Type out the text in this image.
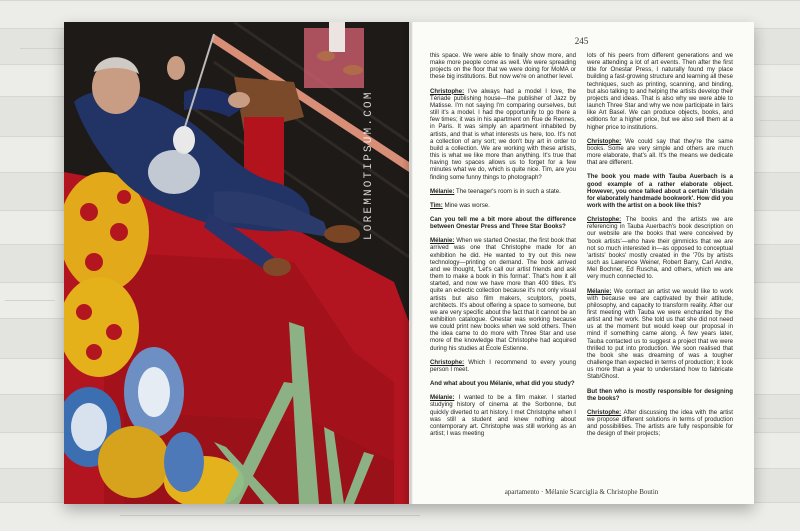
245

this space. We were able to finally show more, and make more people come as well. We were spreading projects on the floor that we were doing for MoMA or these big institutions. But now we're on another level.

Christophe: I've always had a model I love, the Tériade publishing house—the publisher of Jazz by Matisse. I'm not saying I'm comparing ourselves, but still it's a model. I had the opportunity to go there a few times; it was in his apartment on Rue de Rennes, in Paris. It was simply an apartment inhabited by artists, and that is what interests us here, too. It's not a collection of any sort; we don't buy art in order to build a collection. We are working with these artists, this is what we like more than anything. It's true that having two spaces allows us to forget for a few minutes what we do, which is quite nice. Tim, are you finding some funny things to photograph?

Mélanie: The teenager's room is in such a state.

Tim: Mine was worse.

Can you tell me a bit more about the difference between Onestar Press and Three Star Books?

Mélanie: When we started Onestar, the first book that arrived was one that Christophe made for an exhibition he did. He wanted to try out this new technology—printing on demand. The book arrived and we thought, 'Let's call our artist friends and ask them to make a book in this format'. That's how it all started, and now we have more than 400 titles. It's quite an eclectic collection because it's not only visual artists but also film makers, sculptors, poets, architects. It's about offering a space to someone, but we are very specific about the fact that it cannot be an exhibition catalogue. Onestar was working because we could print new books when we sold others. Then the idea came to do more with Three Star and use more of the knowledge that Christophe had acquired during his studies at École Estienne.

Christophe: Which I recommend to every young person I meet.

And what about you Mélanie, what did you study?

Mélanie: I wanted to be a film maker. I started studying history of cinema at the Sorbonne, but quickly diverted to art history. I met Christophe when I was still a student and knew nothing about contemporary art. Christophe was still working as an artist; I was meeting

lots of his peers from different generations and we were attending a lot of art events. Then after the first title for Onestar Press, I naturally found my place building a fast-growing structure and learning all these techniques, such as printing, scanning, and binding, but also talking to and helping the artists develop their projects and ideas. That is also why we were able to launch Three Star and why we now participate in fairs like Art Basel. We can produce objects, books, and editions for a higher price, but we also sell them at a higher price to institutions.

Christophe: We could say that they're the same books. Some are very simple and others are much more elaborate, that's all. It's the means we dedicate that are different.

The book you made with Tauba Auerbach is a good example of a rather elaborate object. However, you once talked about a certain 'disdain for elaborately handmade bookwork'. How did you work with the artist on a book like this?

Christophe: The books and the artists we are referencing in Tauba Auerbach's book description on our website are the books that were conceived by 'book artists'—who have their gimmicks that we are not so much interested in—as opposed to conceptual 'artists' books' mostly created in the '70s by artists such as Lawrence Weiner, Robert Barry, Carl Andre, Mel Bochner, Ed Ruscha, and others, which we are very much connected to.

Mélanie: We contact an artist we would like to work with because we are captivated by their attitude, philosophy, and capacity to transform reality. After our first meeting with Tauba we were enchanted by the artist and her work. She told us that she did not need us at the moment but would keep our proposal in mind if something came along. A few years later, Tauba contacted us to suggest a project that we were thrilled to put into production. We soon realised that the book she was dreaming of was a tougher challenge than expected in terms of production; it took us more than a year to understand how to fabricate Stab/Ghost.

But then who is mostly responsible for designing the books?

Christophe: After discussing the idea with the artist we propose different solutions in terms of production and possibilities. The artists are fully responsible for the design of their projects;

apartamento · Mélanie Scarciglia & Christophe Boutin
LOREMNOTIPSUM.COM
